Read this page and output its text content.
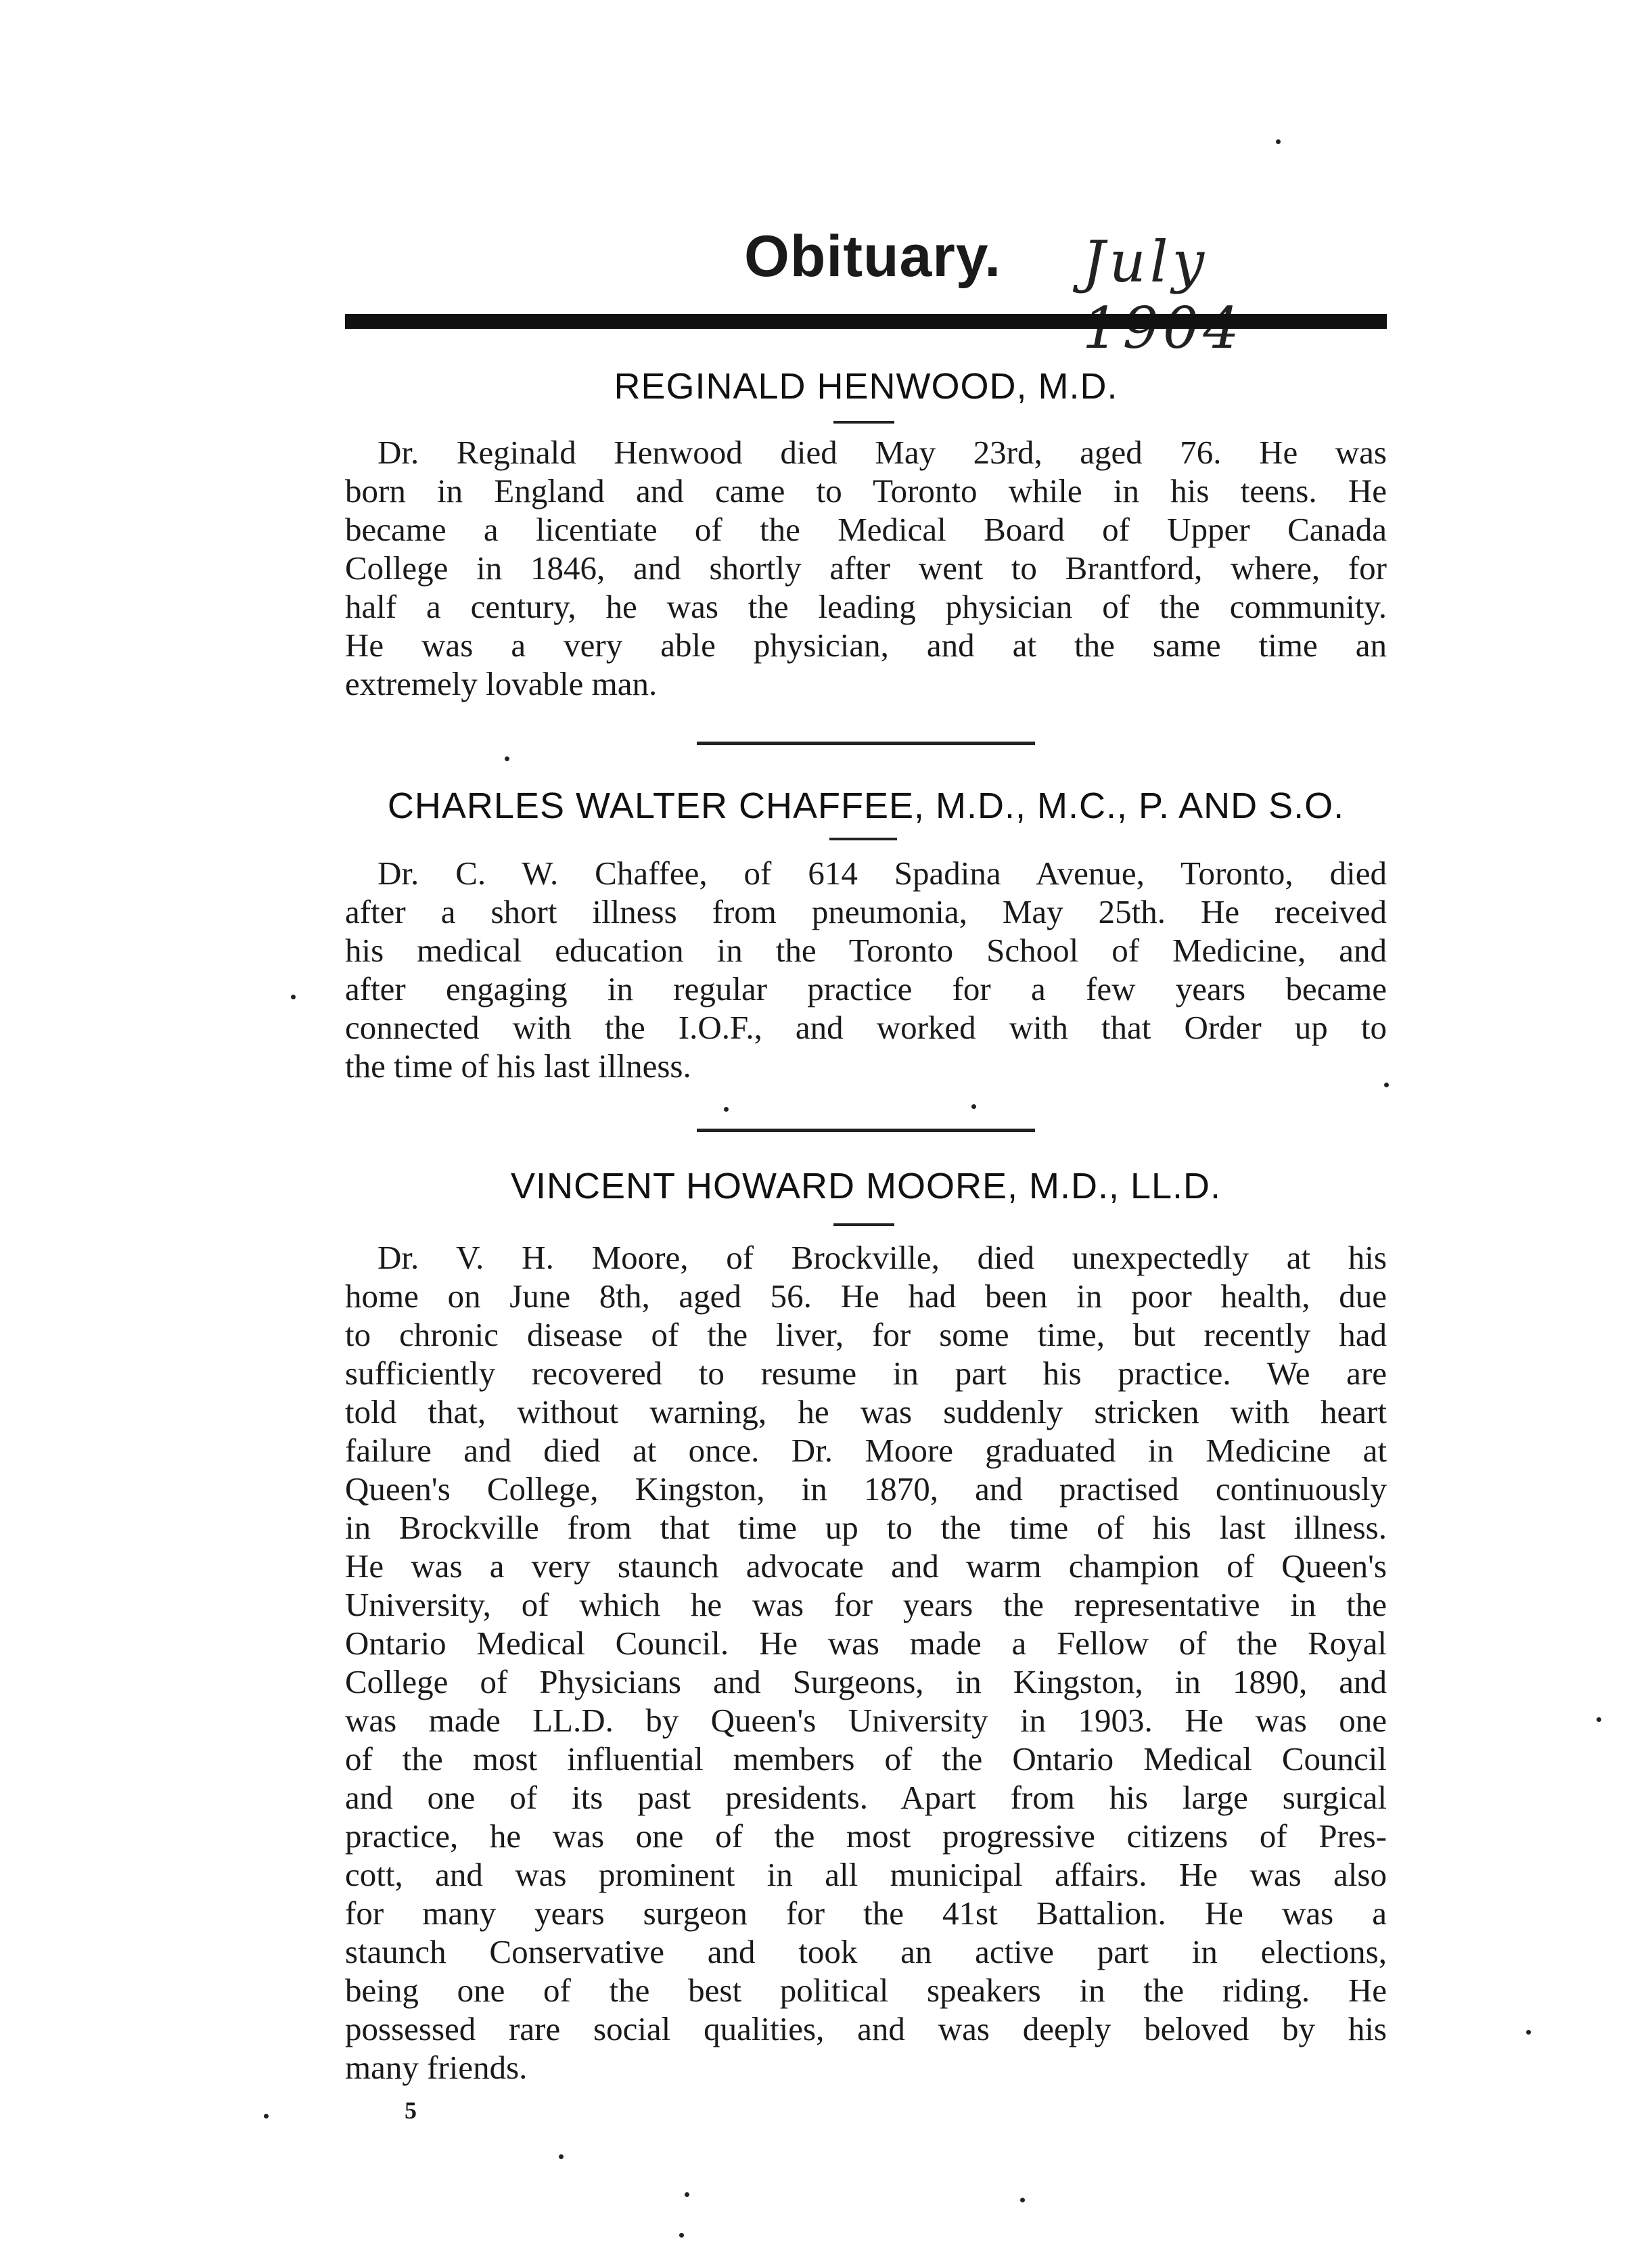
Obituary. July
REGINALD HENWOOD, M.D.
Dr. Reginald Henwood died May 23rd, aged 76. He was
born in England and came to Toronto while in his teens. He
became a licentiate of the Medical Board of Upper Canada
College in 1846, and shortly after went to Brantford, where, for
half a century, he was the leading physician of the community.
He was a very able physician, and at the same time an
extremely lovable man.
CHARLES WALTER CHAFFEE, M.D., M.C., P. AND S.O.
Dr. C. W. Chaffee, of 614 Spadina Avenue, Toronto, died
after a short illness from pneumonia, May 25th. He received
his medical education in the Toronto School of Medicine, and
after engaging in regular practice for a few years became
connected with the I.O.F., and worked with that Order up to
the time of his last illness.
VINCENT HOWARD MOORE, M.D., LL.D.
Dr. V. H. Moore, of Brockville, died unexpectedly at his
home on June 8th, aged 56. He had been in poor health, due
to chronic disease of the liver, for some time, but recently had
sufficiently recovered to resume in part his practice. We are
told that, without warning, he was suddenly stricken with heart
failure and died at once. Dr. Moore graduated in Medicine at
Queen's College, Kingston, in 1870, and practised continuously
in Brockville from that time up to the time of his last illness.
He was a very staunch advocate and warm champion of Queen's
University, of which he was for years the representative in the
Ontario Medical Council. He was made a Fellow of the Royal
College of Physicians and Surgeons, in Kingston, in 1890, and
was made LL.D. by Queen's University in 1903. He was one
of the most influential members of the Ontario Medical Council
and one of its past presidents. Apart from his large surgical
practice, he was one of the most progressive citizens of Pres-
cott, and was prominent in all municipal affairs. He was also
for many years surgeon for the 41st Battalion. He was a
staunch Conservative and took an active part in elections,
being one of the best political speakers in the riding. He
possessed rare social qualities, and was deeply beloved by his
many friends.
5
